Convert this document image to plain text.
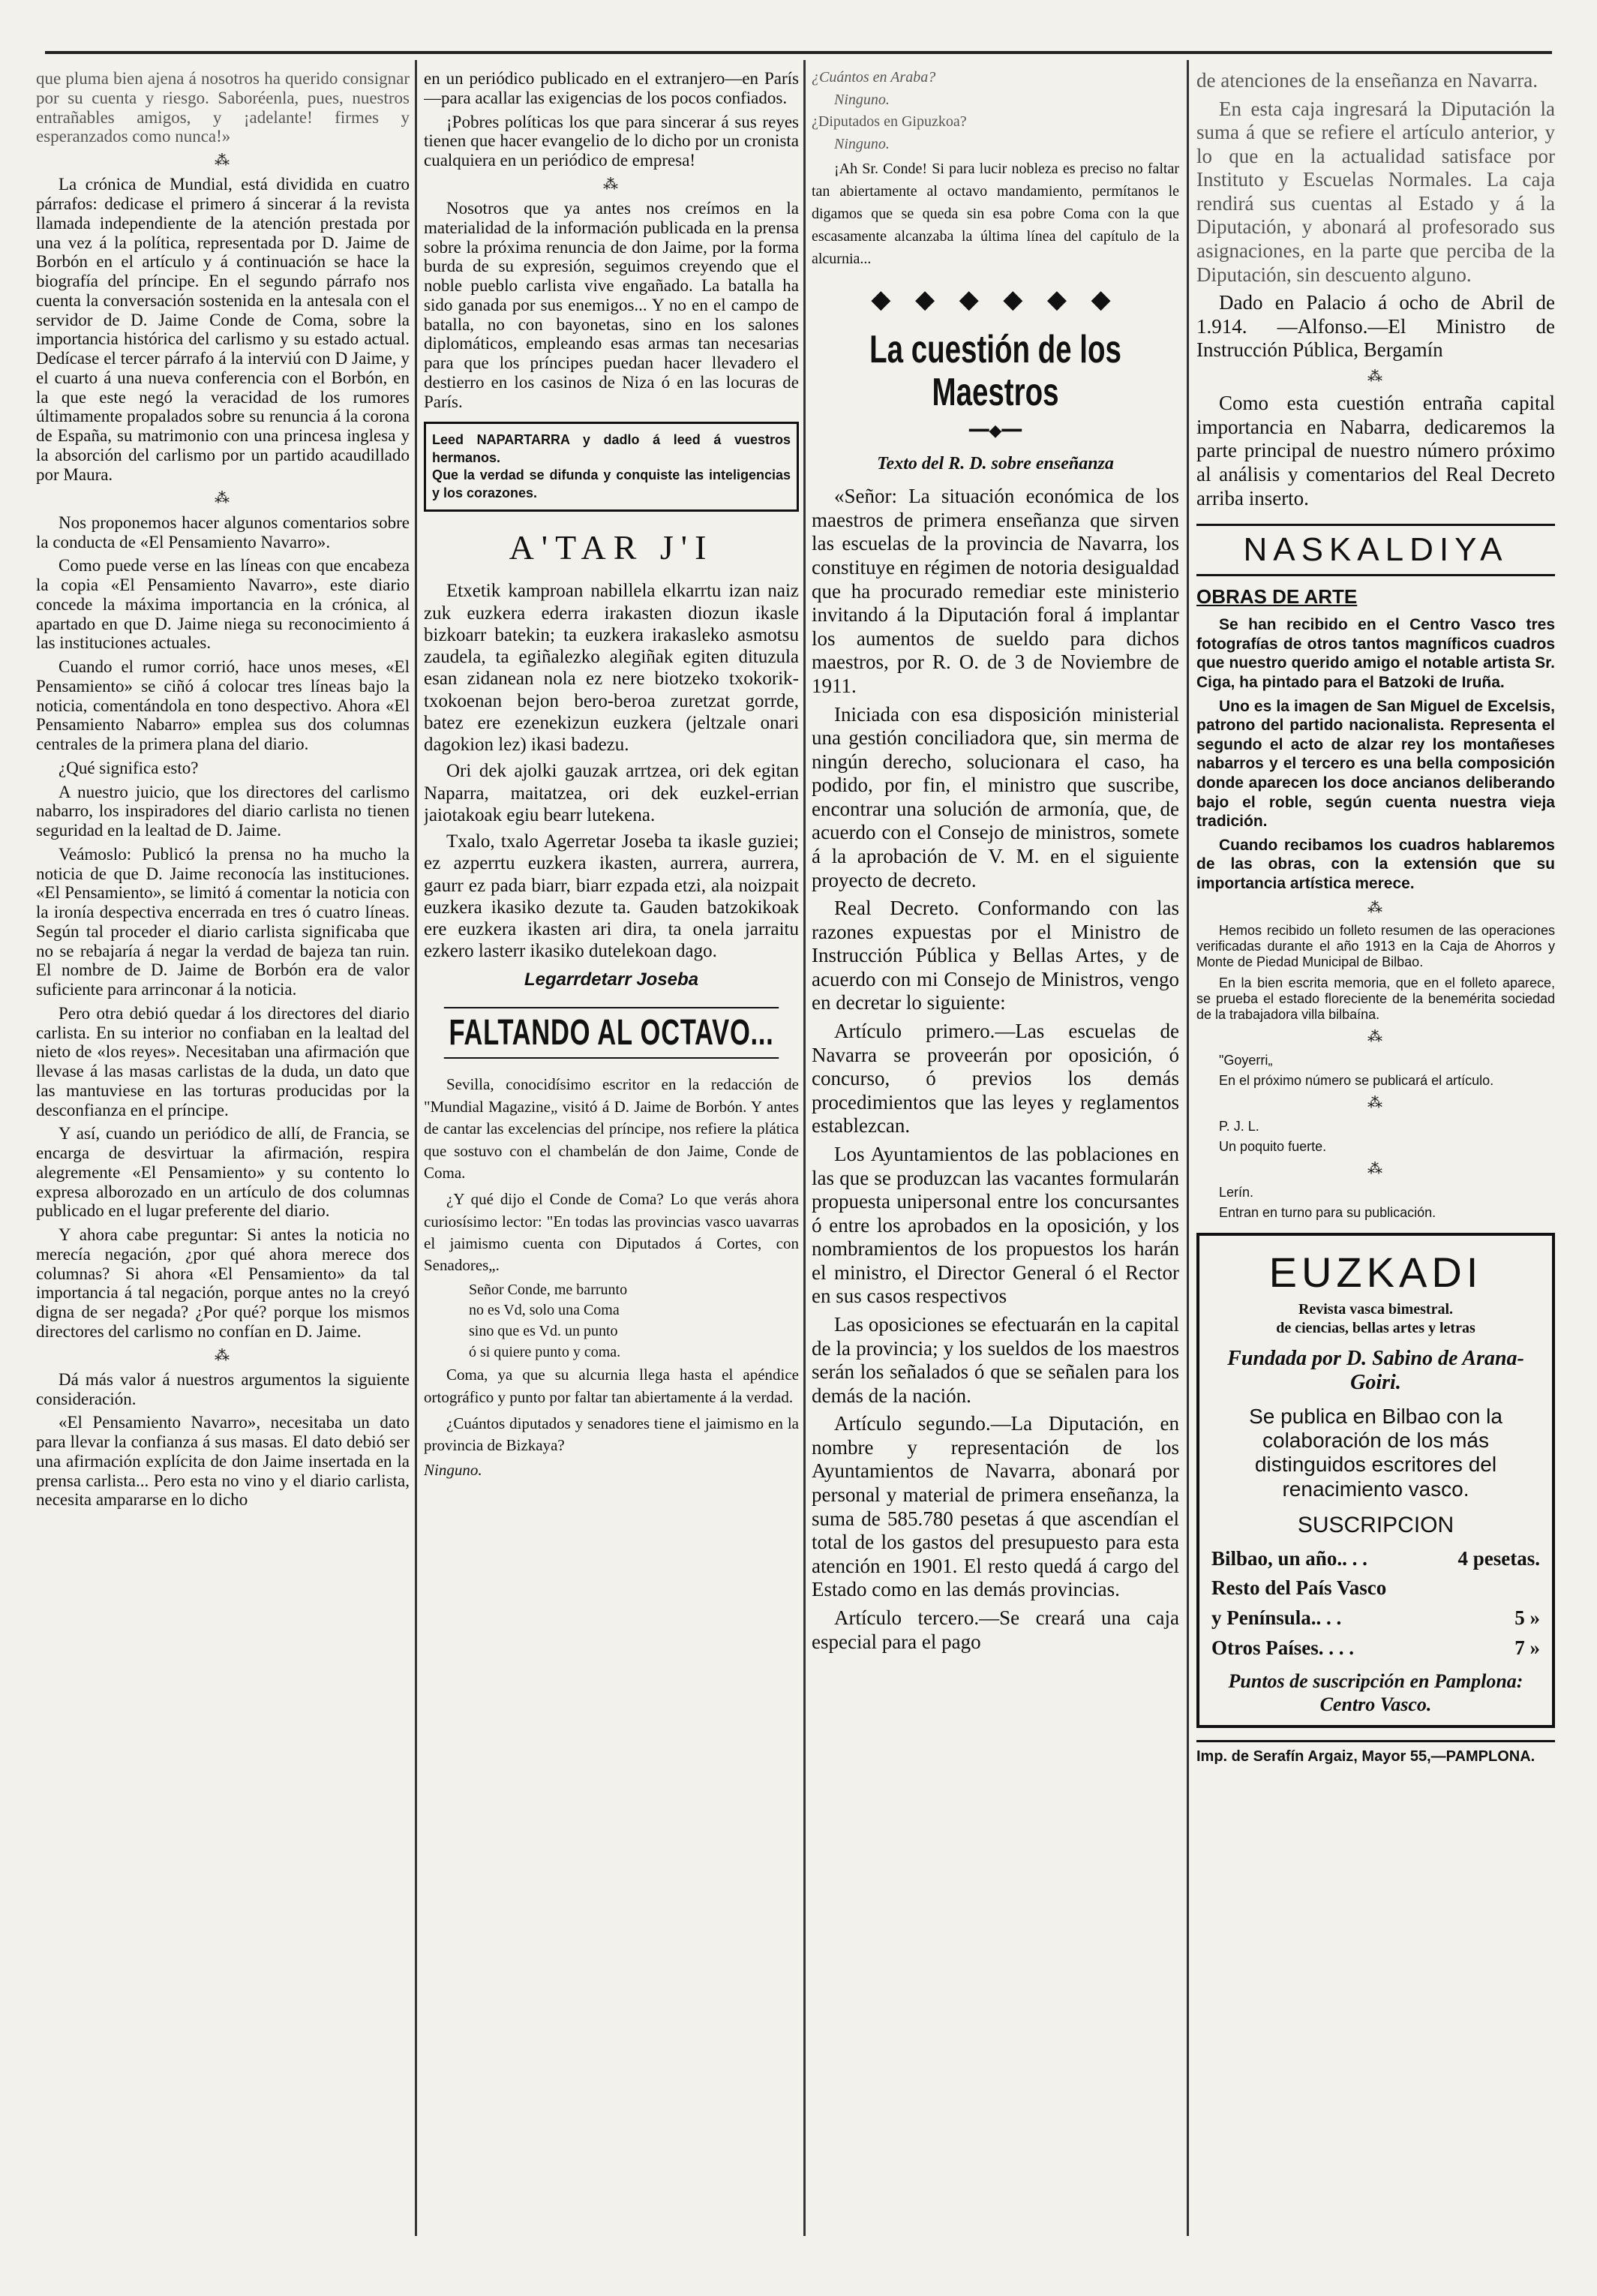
que pluma bien ajena á nosotros ha querido consignar por su cuenta y riesgo. Saboréenla, pues, nuestros entrañables amigos, y ¡adelante! firmes y esperanzados como nunca!»

⁂

La crónica de Mundial, está dividida en cuatro párrafos: dedicase el primero á sincerar á la revista llamada independiente de la atención prestada por una vez á la política, representada por D. Jaime de Borbón en el artículo y á continuación se hace la biografía del príncipe. En el segundo párrafo nos cuenta la conversación sostenida en la antesala con el servidor de D. Jaime Conde de Coma, sobre la importancia histórica del carlismo y su estado actual. Dedícase el tercer párrafo á la interviú con D Jaime, y el cuarto á una nueva conferencia con el Borbón, en la que este negó la veracidad de los rumores últimamente propalados sobre su renuncia á la corona de España, su matrimonio con una princesa inglesa y la absorción del carlismo por un partido acaudillado por Maura.

⁂

Nos proponemos hacer algunos comentarios sobre la conducta de «El Pensamiento Navarro».

Como puede verse en las líneas con que encabeza la copia «El Pensamiento Navarro», este diario concede la máxima importancia en la crónica, al apartado en que D. Jaime niega su reconocimiento á las instituciones actuales.

Cuando el rumor corrió, hace unos meses, «El Pensamiento» se ciñó á colocar tres líneas bajo la noticia, comentándola en tono despectivo. Ahora «El Pensamiento Nabarro» emplea sus dos columnas centrales de la primera plana del diario.

¿Qué significa esto?

A nuestro juicio, que los directores del carlismo nabarro, los inspiradores del diario carlista no tienen seguridad en la lealtad de D. Jaime.

Veámoslo: Publicó la prensa no ha mucho la noticia de que D. Jaime reconocía las instituciones. «El Pensamiento», se limitó á comentar la noticia con la ironía despectiva encerrada en tres ó cuatro líneas. Según tal proceder el diario carlista significaba que no se rebajaría á negar la verdad de bajeza tan ruin. El nombre de D. Jaime de Borbón era de valor suficiente para arrinconar á la noticia.

Pero otra debió quedar á los directores del diario carlista. En su interior no confiaban en la lealtad del nieto de «los reyes». Necesitaban una afirmación que llevase á las masas carlistas de la duda, un dato que las mantuviese en las torturas producidas por la desconfianza en el príncipe.

Y así, cuando un periódico de allí, de Francia, se encarga de desvirtuar la afirmación, respira alegremente «El Pensamiento» y su contento lo expresa alborozado en un artículo de dos columnas publicado en el lugar preferente del diario.

Y ahora cabe preguntar: Si antes la noticia no merecía negación, ¿por qué ahora merece dos columnas? Si ahora «El Pensamiento» da tal importancia á tal negación, porque antes no la creyó digna de ser negada? ¿Por qué? porque los mismos directores del carlismo no confían en D. Jaime.

⁂

Dá más valor á nuestros argumentos la siguiente consideración.

«El Pensamiento Navarro», necesitaba un dato para llevar la confianza á sus masas. El dato debió ser una afirmación explícita de don Jaime insertada en la prensa carlista... Pero esta no vino y el diario carlista, necesita ampararse en lo dicho

en un periódico publicado en el extranjero—en París—para acallar las exigencias de los pocos confiados.

¡Pobres políticas los que para sincerar á sus reyes tienen que hacer evangelio de lo dicho por un cronista cualquiera en un periódico de empresa!

⁂

Nosotros que ya antes nos creímos en la materialidad de la información publicada en la prensa sobre la próxima renuncia de don Jaime, por la forma burda de su expresión, seguimos creyendo que el noble pueblo carlista vive engañado. La batalla ha sido ganada por sus enemigos... Y no en el campo de batalla, no con bayonetas, sino en los salones diplomáticos, empleando esas armas tan necesarias para que los príncipes puedan hacer llevadero el destierro en los casinos de Niza ó en las locuras de París.

Leed NAPARTARRA y dadlo á leed á vuestros hermanos.
Que la verdad se difunda y conquiste las inteligencias y los corazones.
A'TAR J'I

Etxetik kamproan nabillela elkarrtu izan naiz zuk euzkera ederra irakasten diozun ikasle bizkoarr batekin; ta euzkera irakasleko asmotsu zaudela, ta egiñalezko alegiñak egiten dituzula esan zidanean nola ez nere biotzeko txokorik-txokoenan bejon bero-beroa zuretzat gorrde, batez ere ezenekizun euzkera (jeltzale onari dagokion lez) ikasi badezu.

Ori dek ajolki gauzak arrtzea, ori dek egitan Naparra, maitatzea, ori dek euzkel-errian jaiotakoak egiu bearr lutekena.

Txalo, txalo Agerretar Joseba ta ikasle guziei; ez azperrtu euzkera ikasten, aurrera, aurrera, gaurr ez pada biarr, biarr ezpada etzi, ala noizpait euzkera ikasiko dezute ta. Gauden batzokikoak ere euzkera ikasten ari dira, ta onela jarraitu ezkero lasterr ikasiko dutelekoan dago.

Legarrdetarr Joseba
FALTANDO AL OCTAVO...

Sevilla, conocidísimo escritor en la redacción de "Mundial Magazine„ visitó á D. Jaime de Borbón. Y antes de cantar las excelencias del príncipe, nos refiere la plática que sostuvo con el chambelán de don Jaime, Conde de Coma.

¿Y qué dijo el Conde de Coma? Lo que verás ahora curiosísimo lector: "En todas las provincias vasco uavarras el jaimismo cuenta con Diputados á Cortes, con Senadores„.

Señor Conde, me barrunto
no es Vd, solo una Coma
sino que es Vd. un punto
ó si quiere punto y coma.

Coma, ya que su alcurnia llega hasta el apéndice ortográfico y punto por faltar tan abiertamente á la verdad.

¿Cuántos diputados y senadores tiene el jaimismo en la provincia de Bizkaya?

Ninguno.

¿Cuántos en Araba?

Ninguno.

¿Diputados en Gipuzkoa?

Ninguno.

¡Ah Sr. Conde! Si para lucir nobleza es preciso no faltar tan abiertamente al octavo mandamiento, permítanos le digamos que se queda sin esa pobre Coma con la que escasamente alcanzaba la última línea del capítulo de la alcurnia...

◆ ◆ ◆ ◆ ◆ ◆
La cuestión de los Maestros
━━◆━━
Texto del R. D. sobre enseñanza

«Señor: La situación económica de los maestros de primera enseñanza que sirven las escuelas de la provincia de Navarra, los constituye en régimen de notoria desigualdad que ha procurado remediar este ministerio invitando á la Diputación foral á implantar los aumentos de sueldo para dichos maestros, por R. O. de 3 de Noviembre de 1911.

Iniciada con esa disposición ministerial una gestión conciliadora que, sin merma de ningún derecho, solucionara el caso, ha podido, por fin, el ministro que suscribe, encontrar una solución de armonía, que, de acuerdo con el Consejo de ministros, somete á la aprobación de V. M. en el siguiente proyecto de decreto.

Real Decreto. Conformando con las razones expuestas por el Ministro de Instrucción Pública y Bellas Artes, y de acuerdo con mi Consejo de Ministros, vengo en decretar lo siguiente:

Artículo primero.—Las escuelas de Navarra se proveerán por oposición, ó concurso, ó previos los demás procedimientos que las leyes y reglamentos establezcan.

Los Ayuntamientos de las poblaciones en las que se produzcan las vacantes formularán propuesta unipersonal entre los concursantes ó entre los aprobados en la oposición, y los nombramientos de los propuestos los harán el ministro, el Director General ó el Rector en sus casos respectivos

Las oposiciones se efectuarán en la capital de la provincia; y los sueldos de los maestros serán los señalados ó que se señalen para los demás de la nación.

Artículo segundo.—La Diputación, en nombre y representación de los Ayuntamientos de Navarra, abonará por personal y material de primera enseñanza, la suma de 585.780 pesetas á que ascendían el total de los gastos del presupuesto para esta atención en 1901. El resto quedá á cargo del Estado como en las demás provincias.

Artículo tercero.—Se creará una caja especial para el pago

de atenciones de la enseñanza en Navarra.

En esta caja ingresará la Diputación la suma á que se refiere el artículo anterior, y lo que en la actualidad satisface por Instituto y Escuelas Normales. La caja rendirá sus cuentas al Estado y á la Diputación, y abonará al profesorado sus asignaciones, en la parte que perciba de la Diputación, sin descuento alguno.

Dado en Palacio á ocho de Abril de 1.914. —Alfonso.—El Ministro de Instrucción Pública, Bergamín

⁂

Como esta cuestión entraña capital importancia en Nabarra, dedicaremos la parte principal de nuestro número próximo al análisis y comentarios del Real Decreto arriba inserto.

NASKALDIYA
OBRAS DE ARTE

Se han recibido en el Centro Vasco tres fotografías de otros tantos magníficos cuadros que nuestro querido amigo el notable artista Sr. Ciga, ha pintado para el Batzoki de Iruña.

Uno es la imagen de San Miguel de Excelsis, patrono del partido nacionalista. Representa el segundo el acto de alzar rey los montañeses nabarros y el tercero es una bella composición donde aparecen los doce ancianos deliberando bajo el roble, según cuenta nuestra vieja tradición.

Cuando recibamos los cuadros hablaremos de las obras, con la extensión que su importancia artística merece.

⁂

Hemos recibido un folleto resumen de las operaciones verificadas durante el año 1913 en la Caja de Ahorros y Monte de Piedad Municipal de Bilbao.

En la bien escrita memoria, que en el folleto aparece, se prueba el estado floreciente de la benemérita sociedad de la trabajadora villa bilbaína.

⁂

"Goyerri„

En el próximo número se publicará el artículo.

⁂

P. J. L.

Un poquito fuerte.

⁂

Lerín.

Entran en turno para su publicación.

EUZKADI
Revista vasca bimestral.
de ciencias, bellas artes y letras
Fundada por D. Sabino de Arana-Goiri.
Se publica en Bilbao con la colaboración de los más distinguidos escritores del renacimiento vasco.
SUSCRIPCION
Bilbao, un año.. . .	4 pesetas.
Resto del País Vasco
y Península.. . .	5 »
Otros Países. . . .	7 »
Puntos de suscripción en Pamplona: Centro Vasco.
Imp. de Serafín Argaiz, Mayor 55,—PAMPLONA.
